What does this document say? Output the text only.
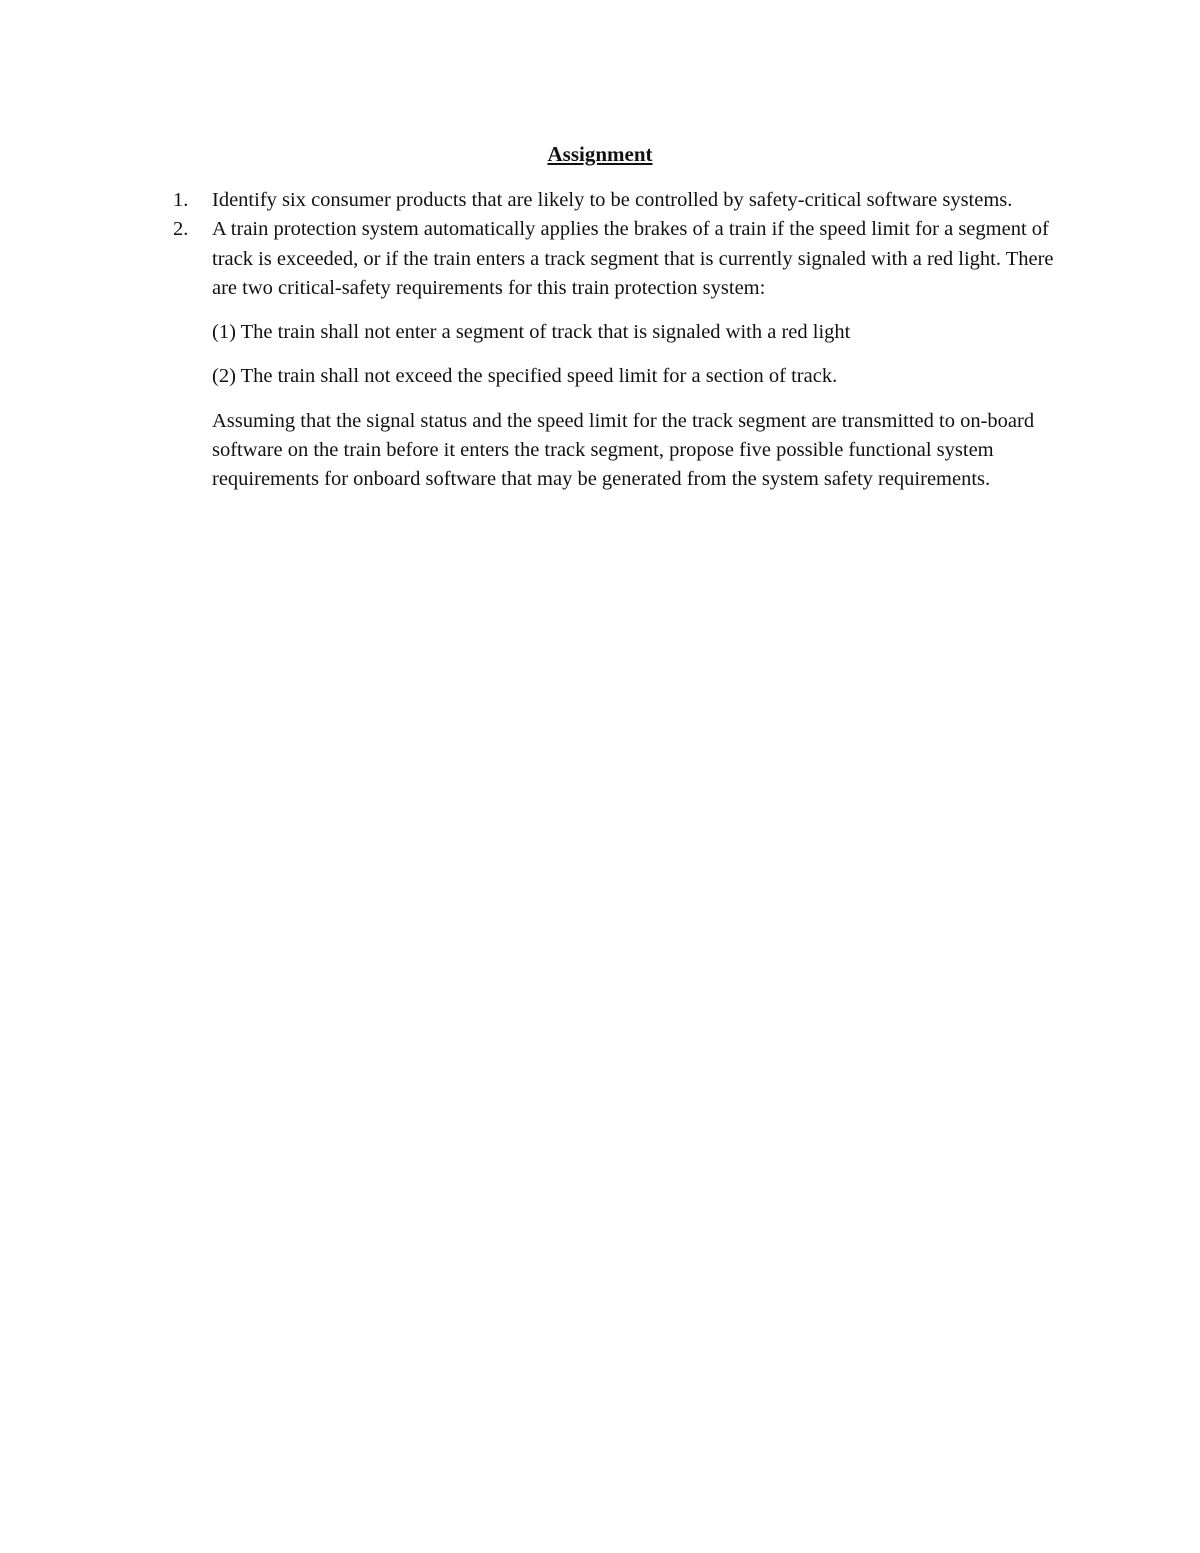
Assignment
1. Identify six consumer products that are likely to be controlled by safety-critical software systems.

2. A train protection system automatically applies the brakes of a train if the speed limit for a segment of track is exceeded, or if the train enters a track segment that is currently signaled with a red light. There are two critical-safety requirements for this train protection system:

(1) The train shall not enter a segment of track that is signaled with a red light

(2) The train shall not exceed the specified speed limit for a section of track.

Assuming that the signal status and the speed limit for the track segment are transmitted to on-board software on the train before it enters the track segment, propose five possible functional system requirements for onboard software that may be generated from the system safety requirements.
